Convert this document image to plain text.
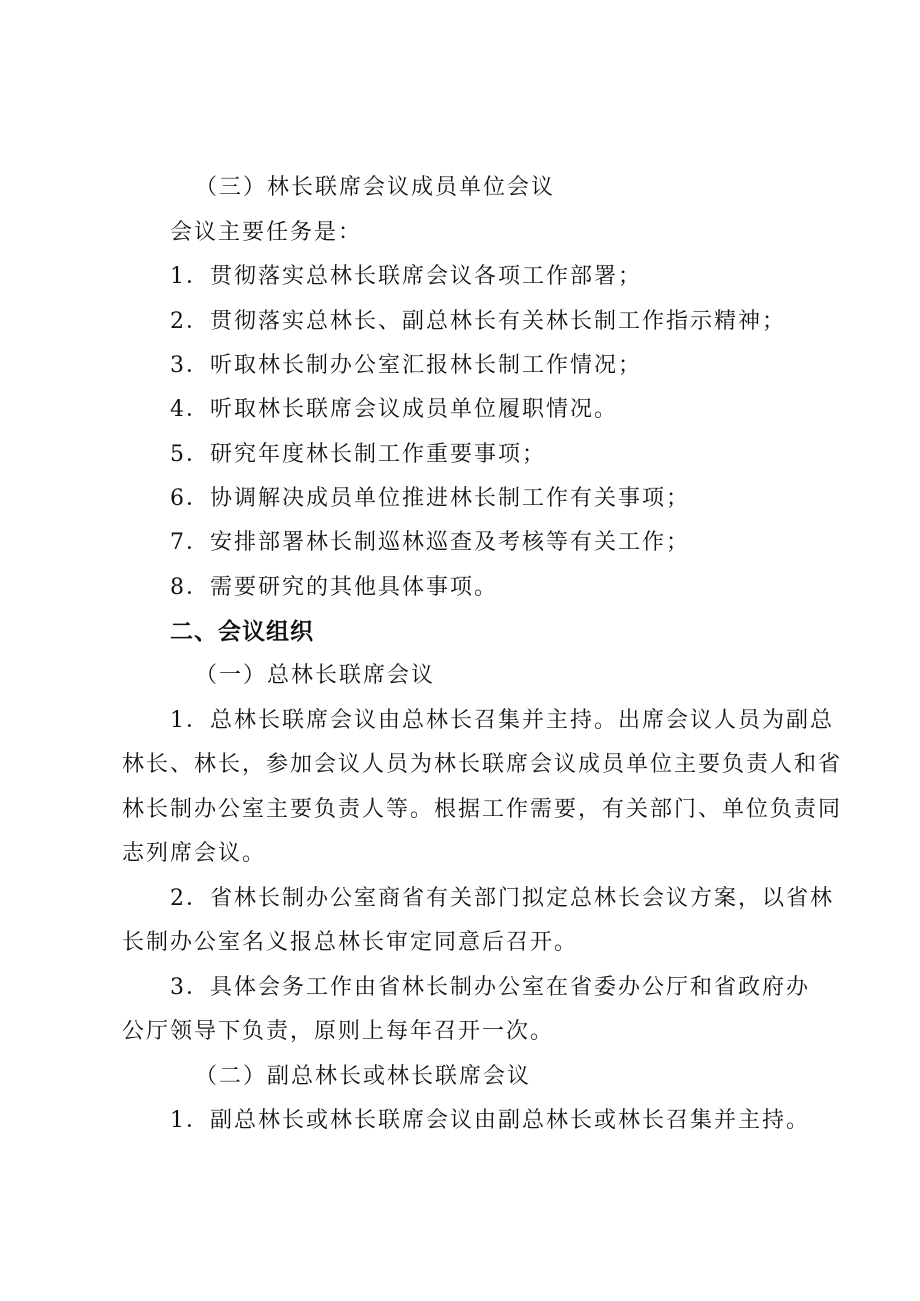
（三）林长联席会议成员单位会议
会议主要任务是：
1．贯彻落实总林长联席会议各项工作部署；
2．贯彻落实总林长、副总林长有关林长制工作指示精神；
3．听取林长制办公室汇报林长制工作情况；
4．听取林长联席会议成员单位履职情况。
5．研究年度林长制工作重要事项；
6．协调解决成员单位推进林长制工作有关事项；
7．安排部署林长制巡林巡查及考核等有关工作；
8．需要研究的其他具体事项。
二、会议组织
（一）总林长联席会议
1．总林长联席会议由总林长召集并主持。出席会议人员为副总
林长、林长，参加会议人员为林长联席会议成员单位主要负责人和省
林长制办公室主要负责人等。根据工作需要，有关部门、单位负责同
志列席会议。
2．省林长制办公室商省有关部门拟定总林长会议方案，以省林
长制办公室名义报总林长审定同意后召开。
3．具体会务工作由省林长制办公室在省委办公厅和省政府办
公厅领导下负责，原则上每年召开一次。
（二）副总林长或林长联席会议
1．副总林长或林长联席会议由副总林长或林长召集并主持。
